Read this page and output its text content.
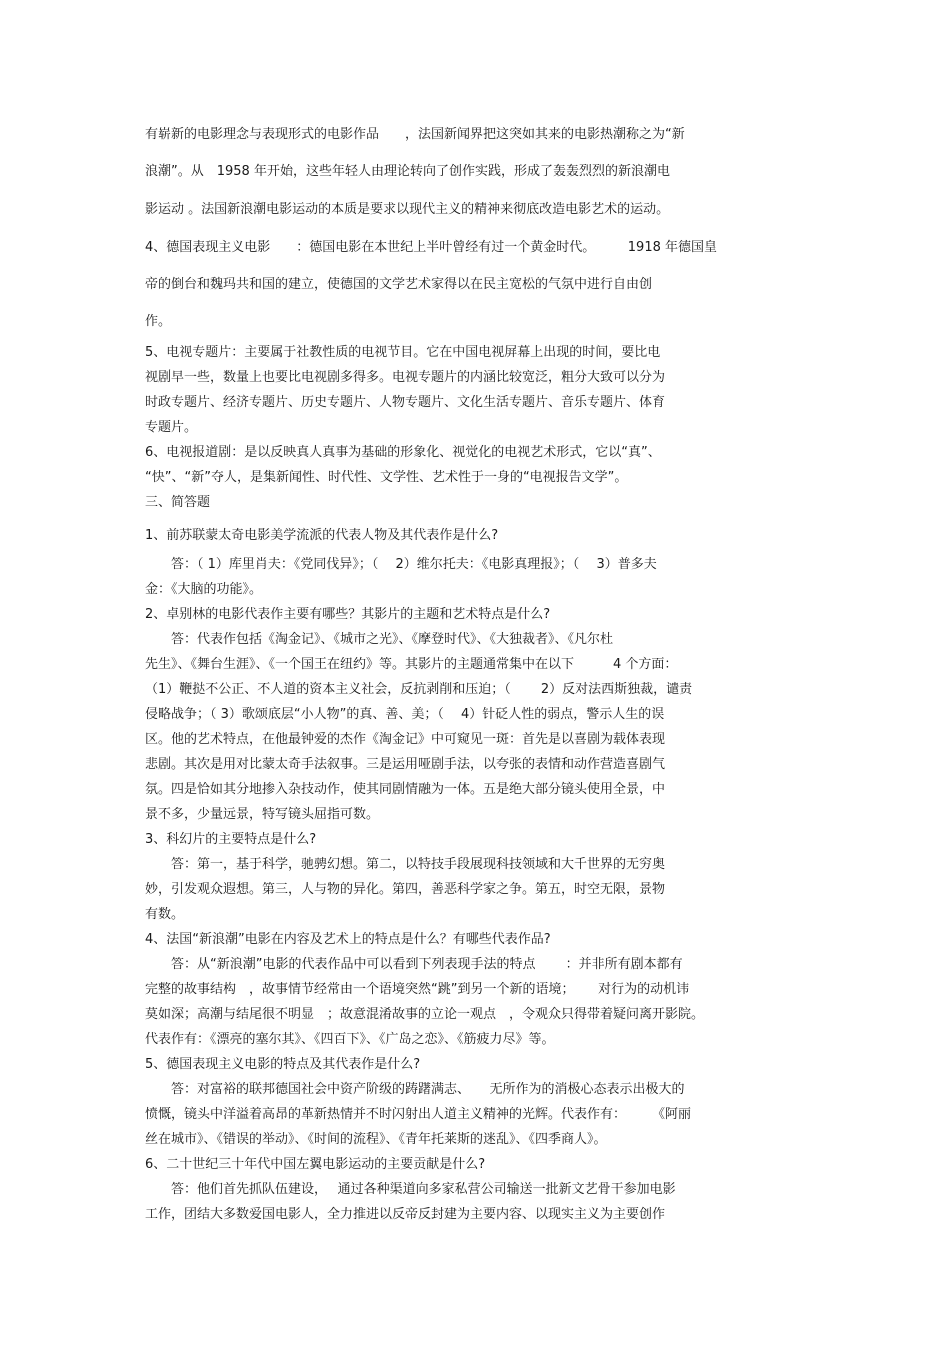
有崭新的电影理念与表现形式的电影作品　　，法国新闻界把这突如其来的电影热潮称之为“新
浪潮”。从　1958 年开始，这些年轻人由理论转向了创作实践，形成了轰轰烈烈的新浪潮电
影运动 。法国新浪潮电影运动的本质是要求以现代主义的精神来彻底改造电影艺术的运动。
4、德国表现主义电影　　：德国电影在本世纪上半叶曾经有过一个黄金时代。　　　1918 年德国皇
帝的倒台和魏玛共和国的建立，使德国的文学艺术家得以在民主宽松的气氛中进行自由创
作。
5、电视专题片：主要属于社教性质的电视节目。它在中国电视屏幕上出现的时间，要比电
视剧早一些，数量上也要比电视剧多得多。电视专题片的内涵比较宽泛，粗分大致可以分为
时政专题片、经济专题片、历史专题片、人物专题片、文化生活专题片、音乐专题片、体育
专题片。
6、电视报道剧：是以反映真人真事为基础的形象化、视觉化的电视艺术形式，它以“真”、
“快”、“新”夺人，是集新闻性、时代性、文学性、艺术性于一身的“电视报告文学”。
三、简答题
1、前苏联蒙太奇电影美学流派的代表人物及其代表作是什么?
　　答：（ 1）库里肖夫：《党同伐异》；（　 2）维尔托夫：《电影真理报》；（　 3）普多夫
金：《大脑的功能》。
2、卓别林的电影代表作主要有哪些？其影片的主题和艺术特点是什么?
　　答：代表作包括《淘金记》、《城市之光》、《摩登时代》、《大独裁者》、《凡尔杜
先生》、《舞台生涯》、《一个国王在纽约》等。其影片的主题通常集中在以下　　　4 个方面：
（1）鞭挞不公正、不人道的资本主义社会，反抗剥削和压迫；（　　 2）反对法西斯独裁，谴责
侵略战争；（ 3）歌颂底层“小人物”的真、善、美；（　 4）针砭人性的弱点，警示人生的误
区。他的艺术特点，在他最钟爱的杰作《淘金记》中可窥见一斑：首先是以喜剧为载体表现
悲剧。其次是用对比蒙太奇手法叙事。三是运用哑剧手法，以夸张的表情和动作营造喜剧气
氛。四是恰如其分地掺入杂技动作，使其同剧情融为一体。五是绝大部分镜头使用全景，中
景不多，少量远景，特写镜头屈指可数。
3、科幻片的主要特点是什么?
　　答：第一，基于科学，驰骋幻想。第二，以特技手段展现科技领域和大千世界的无穷奥
妙，引发观众遐想。第三，人与物的异化。第四，善恶科学家之争。第五，时空无限，景物
有数。
4、法国“新浪潮”电影在内容及艺术上的特点是什么？有哪些代表作品?
　　答：从“新浪潮”电影的代表作品中可以看到下列表现手法的特点　　 ：并非所有剧本都有
完整的故事结构　，故事情节经常由一个语境突然“跳”到另一个新的语境；　　 对行为的动机讳
莫如深；高潮与结尾很不明显　；故意混淆故事的立论一观点　，令观众只得带着疑问离开影院。
代表作有：《漂亮的塞尔其》、《四百下》、《广岛之恋》、《筋疲力尽》等。
5、德国表现主义电影的特点及其代表作是什么?
　　答：对富裕的联邦德国社会中资产阶级的踌躇满志、　　无所作为的消极心态表示出极大的
愤慨，镜头中洋溢着高昂的革新热情并不时闪射出人道主义精神的光辉。代表作有：　　　《阿丽
丝在城市》、《错误的举动》、《时间的流程》、《青年托莱斯的迷乱》、《四季商人》。
6、二十世纪三十年代中国左翼电影运动的主要贡献是什么?
　　答：他们首先抓队伍建设，　 通过各种渠道向多家私营公司输送一批新文艺骨干参加电影
工作，团结大多数爱国电影人，全力推进以反帝反封建为主要内容、以现实主义为主要创作
